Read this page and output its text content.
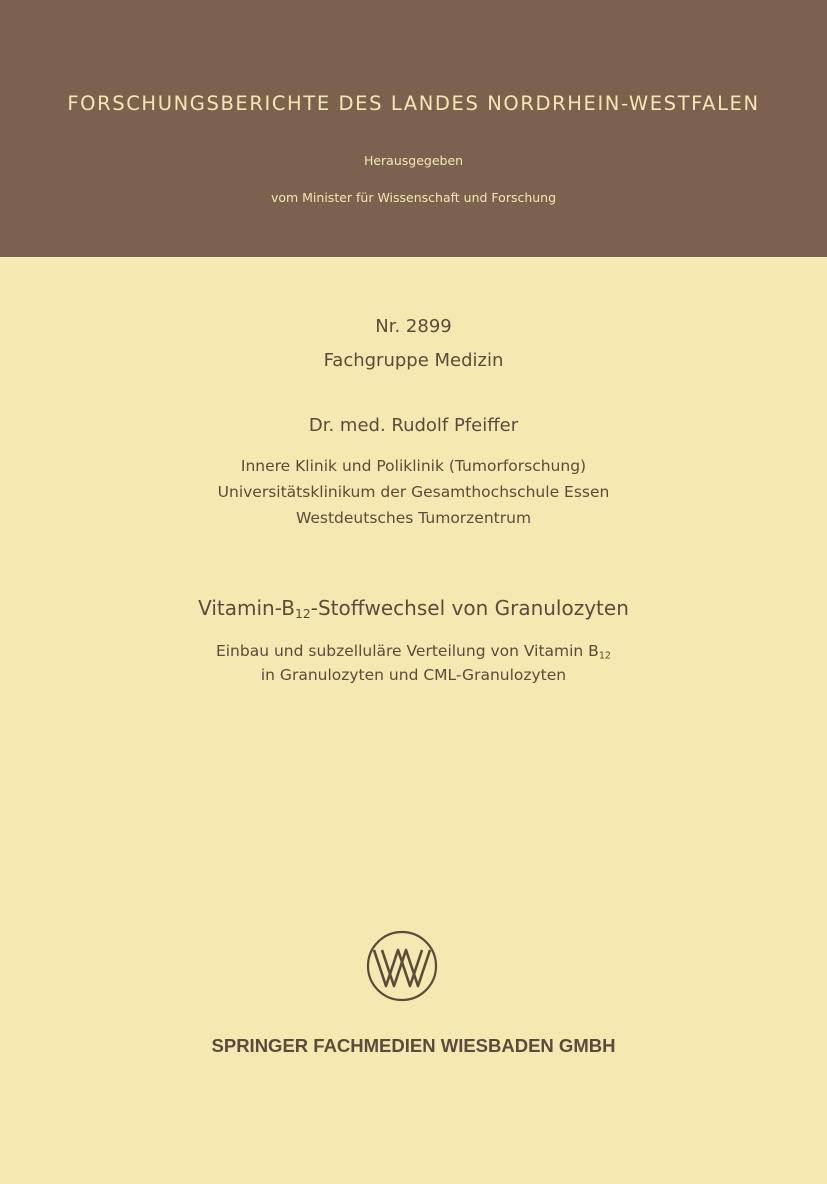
FORSCHUNGSBERICHTE DES LANDES NORDRHEIN-WESTFALEN
Herausgegeben
vom Minister für Wissenschaft und Forschung
Nr. 2899
Fachgruppe Medizin
Dr. med. Rudolf Pfeiffer
Innere Klinik und Poliklinik (Tumorforschung)
Universitätsklinikum der Gesamthochschule Essen
Westdeutsches Tumorzentrum
Vitamin-$B_{12}$-Stoffwechsel von Granulozyten
Einbau und subzelluläre Verteilung von Vitamin $B_{12}$
in Granulozyten und CML-Granulozyten
SPRINGER FACHMEDIEN WIESBADEN GMBH
